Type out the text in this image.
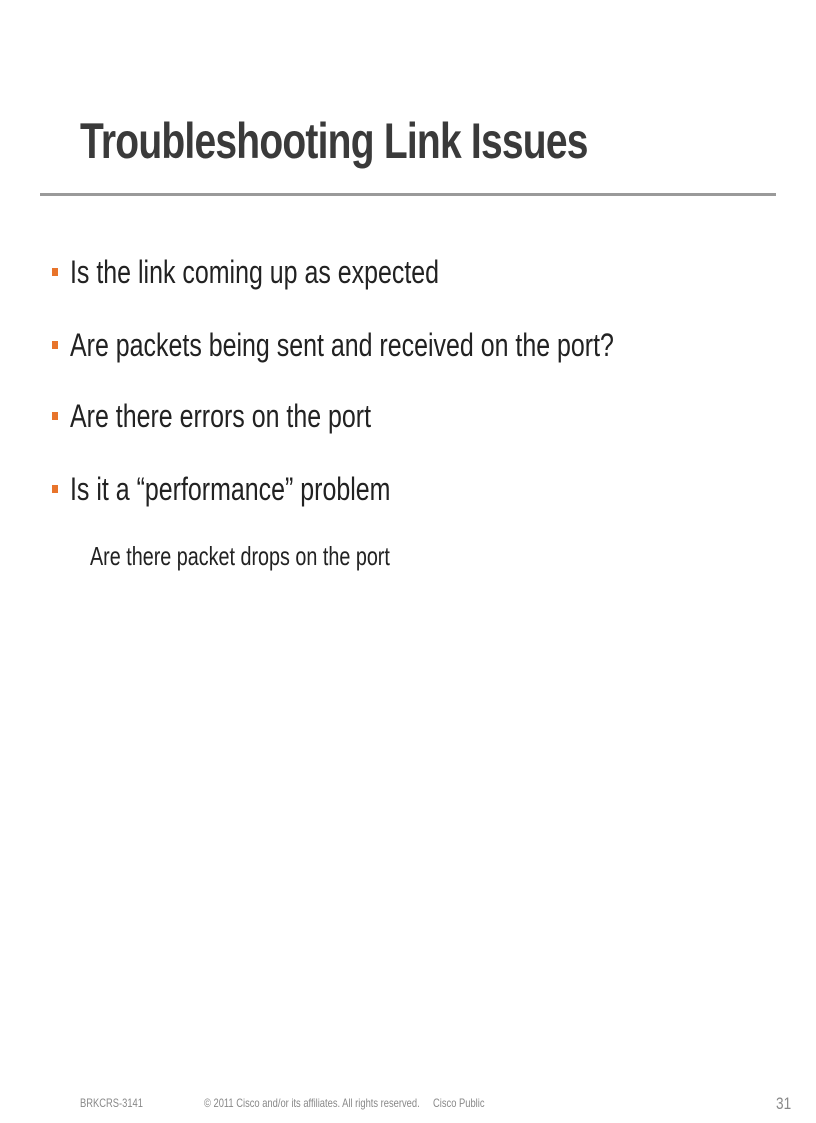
Troubleshooting Link Issues
Is the link coming up as expected
Are packets being sent and received on the port?
Are there errors on the port
Is it a “performance” problem
Are there packet drops on the port
BRKCRS-3141	© 2011 Cisco and/or its affiliates. All rights reserved.	Cisco Public	31
